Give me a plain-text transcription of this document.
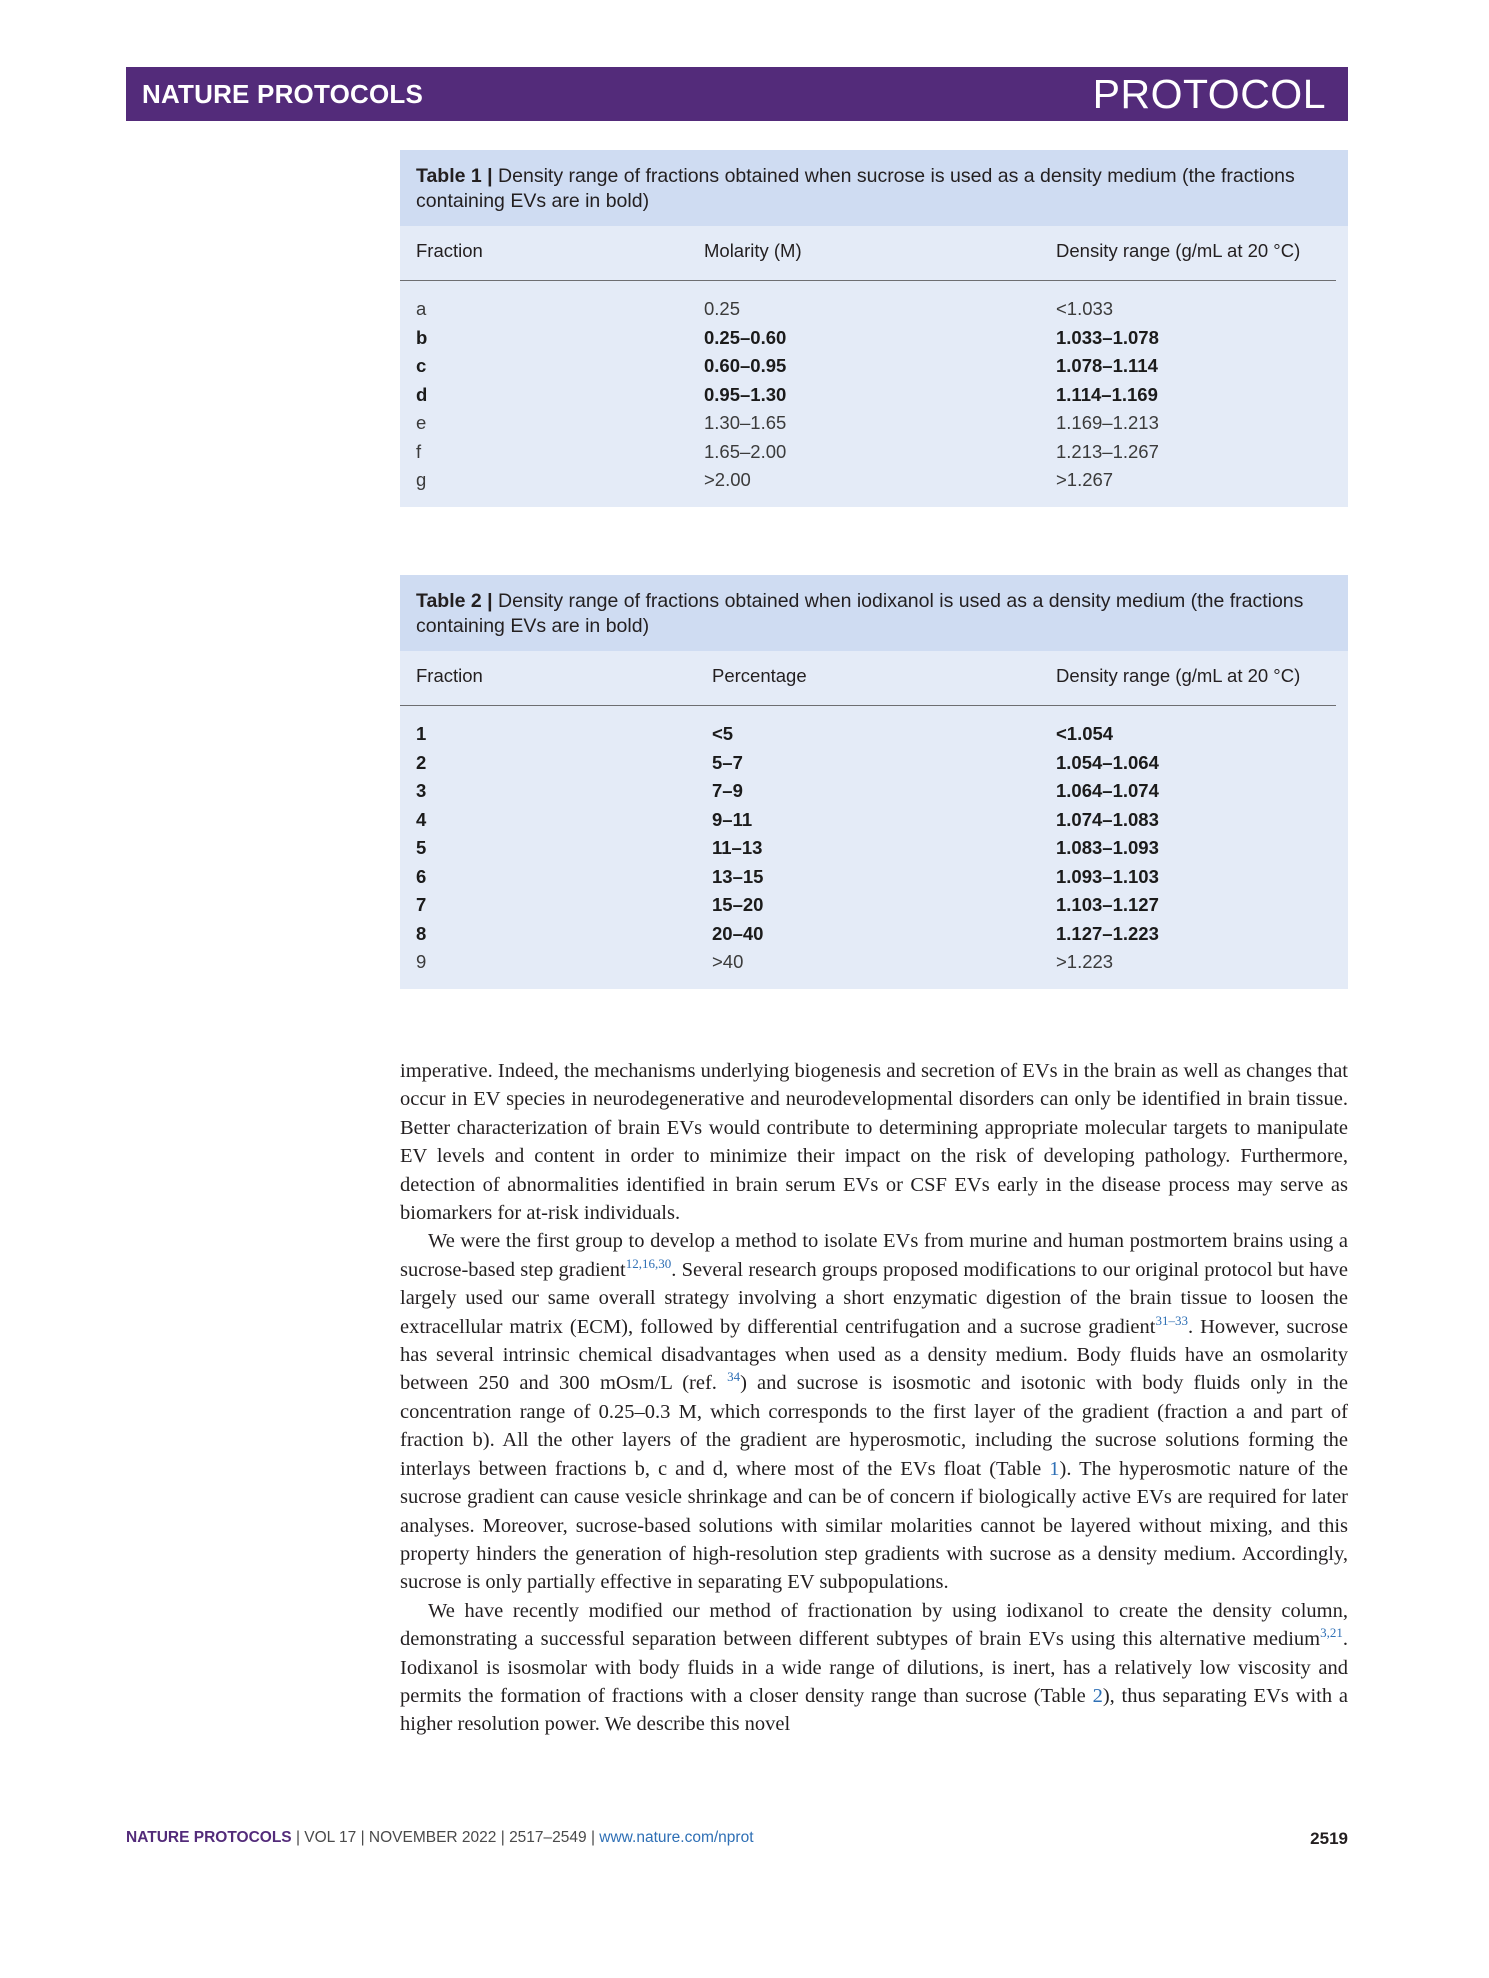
NATURE PROTOCOLS	PROTOCOL
Table 1 | Density range of fractions obtained when sucrose is used as a density medium (the fractions containing EVs are in bold)
Fraction	Molarity (M)	Density range (g/mL at 20 °C)
a	0.25	<1.033
b	0.25–0.60	1.033–1.078
c	0.60–0.95	1.078–1.114
d	0.95–1.30	1.114–1.169
e	1.30–1.65	1.169–1.213
f	1.65–2.00	1.213–1.267
g	>2.00	>1.267
Table 2 | Density range of fractions obtained when iodixanol is used as a density medium (the fractions containing EVs are in bold)
Fraction	Percentage	Density range (g/mL at 20 °C)
1	<5	<1.054
2	5–7	1.054–1.064
3	7–9	1.064–1.074
4	9–11	1.074–1.083
5	11–13	1.083–1.093
6	13–15	1.093–1.103
7	15–20	1.103–1.127
8	20–40	1.127–1.223
9	>40	>1.223

imperative. Indeed, the mechanisms underlying biogenesis and secretion of EVs in the brain as well as changes that occur in EV species in neurodegenerative and neurodevelopmental disorders can only be identified in brain tissue. Better characterization of brain EVs would contribute to determining appropriate molecular targets to manipulate EV levels and content in order to minimize their impact on the risk of developing pathology. Furthermore, detection of abnormalities identified in brain serum EVs or CSF EVs early in the disease process may serve as biomarkers for at-risk individuals.

We were the first group to develop a method to isolate EVs from murine and human postmortem brains using a sucrose-based step gradient$^{12,16,30}$. Several research groups proposed modifications to our original protocol but have largely used our same overall strategy involving a short enzymatic digestion of the brain tissue to loosen the extracellular matrix (ECM), followed by differential centrifugation and a sucrose gradient$^{31-33}$. However, sucrose has several intrinsic chemical disadvantages when used as a density medium. Body fluids have an osmolarity between 250 and 300 mOsm/L (ref. $^{34}$) and sucrose is isosmotic and isotonic with body fluids only in the concentration range of 0.25–0.3 M, which corresponds to the first layer of the gradient (fraction a and part of fraction b). All the other layers of the gradient are hyperosmotic, including the sucrose solutions forming the interlays between fractions b, c and d, where most of the EVs float (Table 1). The hyperosmotic nature of the sucrose gradient can cause vesicle shrinkage and can be of concern if biologically active EVs are required for later analyses. Moreover, sucrose-based solutions with similar molarities cannot be layered without mixing, and this property hinders the generation of high-resolution step gradients with sucrose as a density medium. Accordingly, sucrose is only partially effective in separating EV subpopulations.

We have recently modified our method of fractionation by using iodixanol to create the density column, demonstrating a successful separation between different subtypes of brain EVs using this alternative medium$^{3,21}$. Iodixanol is isosmolar with body fluids in a wide range of dilutions, is inert, has a relatively low viscosity and permits the formation of fractions with a closer density range than sucrose (Table 2), thus separating EVs with a higher resolution power. We describe this novel

NATURE PROTOCOLS | VOL 17 | NOVEMBER 2022 | 2517–2549 | www.nature.com/nprot	2519
